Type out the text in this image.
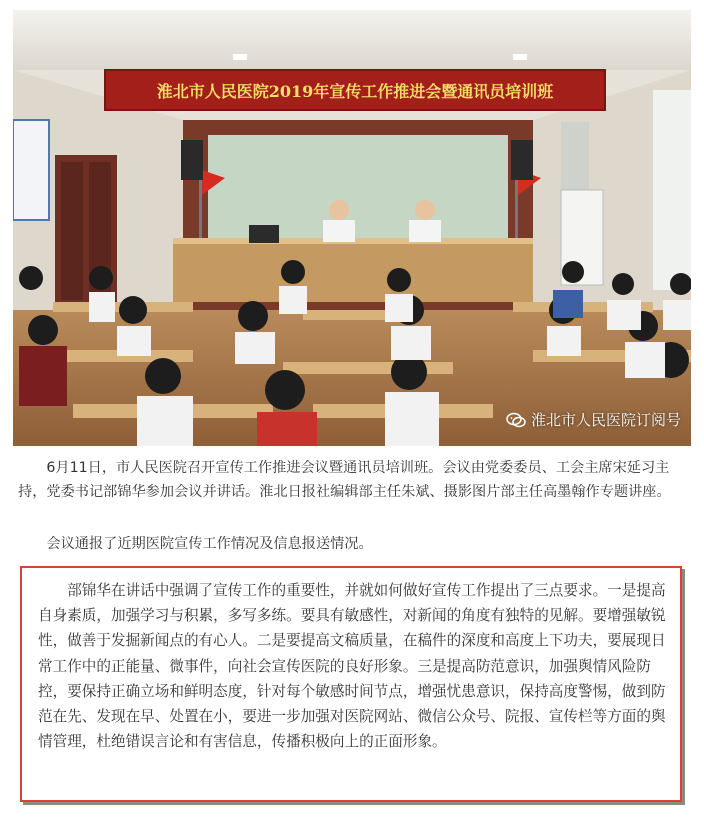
淮北市人民医院2019年宣传工作推进会暨通讯员培训班
淮北市人民医院订阅号

6月11日，市人民医院召开宣传工作推进会议暨通讯员培训班。会议由党委委员、工会主席宋延习主持，党委书记部锦华参加会议并讲话。淮北日报社编辑部主任朱斌、摄影图片部主任高墨翰作专题讲座。

会议通报了近期医院宣传工作情况及信息报送情况。

部锦华在讲话中强调了宣传工作的重要性，并就如何做好宣传工作提出了三点要求。一是提高自身素质，加强学习与积累，多写多练。要具有敏感性，对新闻的角度有独特的见解。要增强敏锐性，做善于发掘新闻点的有心人。二是要提高文稿质量，在稿件的深度和高度上下功夫，要展现日常工作中的正能量、微事件，向社会宣传医院的良好形象。三是提高防范意识，加强舆情风险防控，要保持正确立场和鲜明态度，针对每个敏感时间节点，增强忧患意识，保持高度警惕，做到防范在先、发现在早、处置在小，要进一步加强对医院网站、微信公众号、院报、宣传栏等方面的舆情管理，杜绝错误言论和有害信息，传播积极向上的正面形象。
